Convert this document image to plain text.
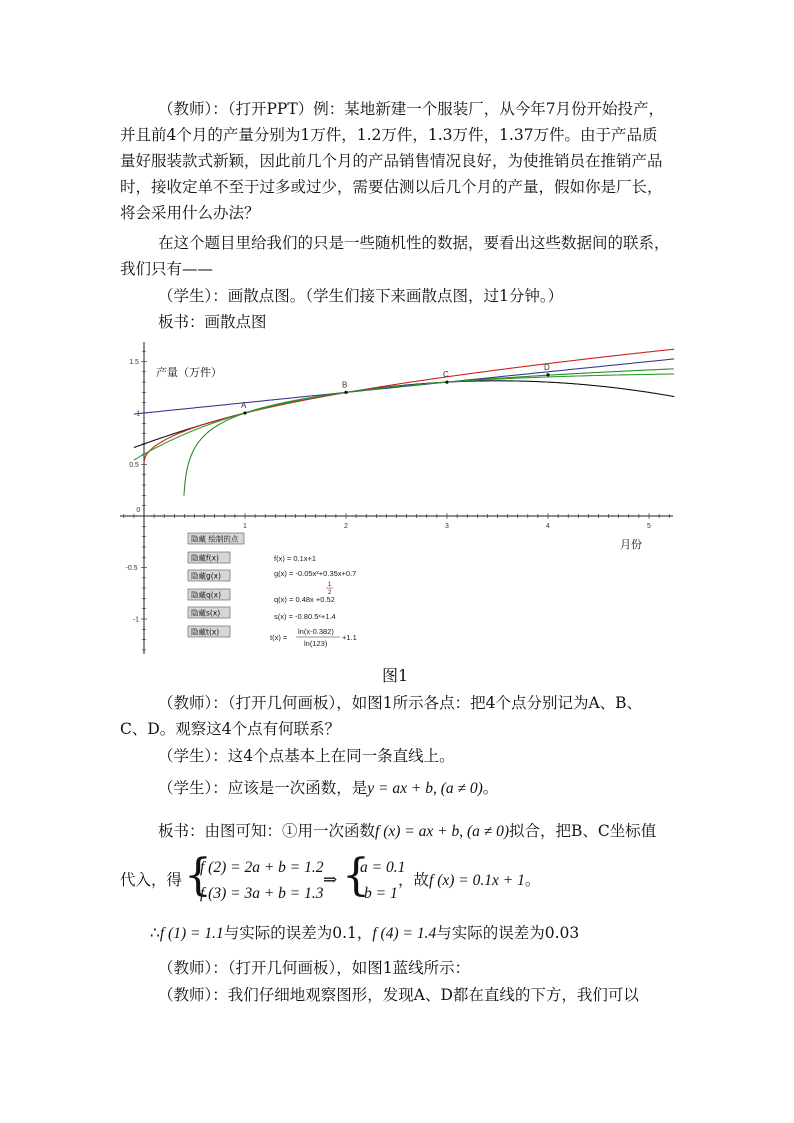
（教师）：（打开PPT）例：某地新建一个服装厂，从今年7月份开始投产，
并且前4个月的产量分别为1万件，1.2万件，1.3万件，1.37万件。由于产品质
量好服装款式新颖，因此前几个月的产品销售情况良好，为使推销员在推销产品
时，接收定单不至于过多或过少，需要估测以后几个月的产量，假如你是厂长，
将会采用什么办法？
在这个题目里给我们的只是一些随机性的数据，要看出这些数据间的联系，
我们只有——
（学生）：画散点图。（学生们接下来画散点图，过1分钟。）
板书：画散点图
1	2	3	4	5
1.5
1
0.5
0
-0.5
-1
A
B
C
D
产量（万件）
月份
隐藏 绘制的点
隐藏f(x)
隐藏g(x)
隐藏q(x)
隐藏s(x)
隐藏t(x)
f(x) = 0.1x+1
g(x) = -0.05x²+0.35x+0.7
1
2
q(x) = 0.48x +0.52
s(x) = -0.80.5ˣ+1.4
t(x) =
ln(x-0.382)
ln(123)
+1.1
图1
（教师）：（打开几何画板），如图1所示各点：把4个点分别记为A、B、
C、D。观察这4个点有何联系？
（学生）：这4个点基本上在同一条直线上。
（学生）：应该是一次函数，是y = ax + b, (a ≠ 0)。
板书：由图可知：①用一次函数f (x) = ax + b, (a ≠ 0)拟合，把B、C坐标值
代入，得 {
f (2) = 2a + b = 1.2
f (3) = 3a + b = 1.3
⇒ {
a = 0.1
b = 1
，故f (x) = 0.1x + 1。
∴f (1) = 1.1与实际的误差为0.1，f (4) = 1.4与实际的误差为0.03
（教师）：（打开几何画板），如图1蓝线所示：
（教师）：我们仔细地观察图形，发现A、D都在直线的下方，我们可以
